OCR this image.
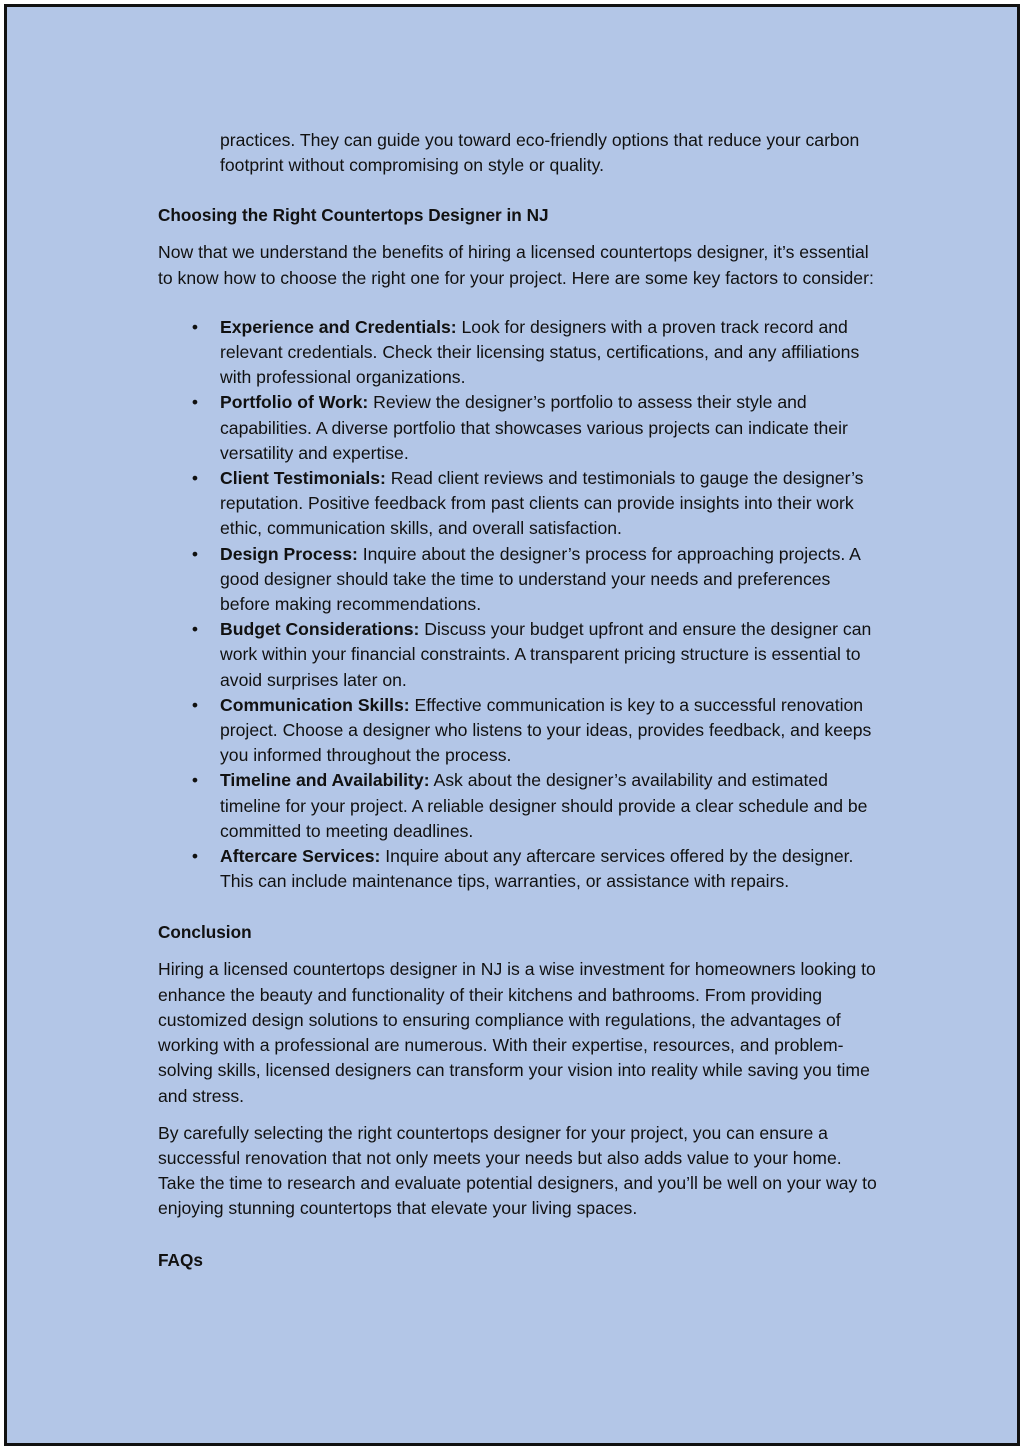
practices. They can guide you toward eco-friendly options that reduce your carbon footprint without compromising on style or quality.

Choosing the Right Countertops Designer in NJ

Now that we understand the benefits of hiring a licensed countertops designer, it’s essential to know how to choose the right one for your project. Here are some key factors to consider:

• Experience and Credentials: Look for designers with a proven track record and relevant credentials. Check their licensing status, certifications, and any affiliations with professional organizations.
• Portfolio of Work: Review the designer’s portfolio to assess their style and capabilities. A diverse portfolio that showcases various projects can indicate their versatility and expertise.
• Client Testimonials: Read client reviews and testimonials to gauge the designer’s reputation. Positive feedback from past clients can provide insights into their work ethic, communication skills, and overall satisfaction.
• Design Process: Inquire about the designer’s process for approaching projects. A good designer should take the time to understand your needs and preferences before making recommendations.
• Budget Considerations: Discuss your budget upfront and ensure the designer can work within your financial constraints. A transparent pricing structure is essential to avoid surprises later on.
• Communication Skills: Effective communication is key to a successful renovation project. Choose a designer who listens to your ideas, provides feedback, and keeps you informed throughout the process.
• Timeline and Availability: Ask about the designer’s availability and estimated timeline for your project. A reliable designer should provide a clear schedule and be committed to meeting deadlines.
• Aftercare Services: Inquire about any aftercare services offered by the designer. This can include maintenance tips, warranties, or assistance with repairs.
Conclusion

Hiring a licensed countertops designer in NJ is a wise investment for homeowners looking to enhance the beauty and functionality of their kitchens and bathrooms. From providing customized design solutions to ensuring compliance with regulations, the advantages of working with a professional are numerous. With their expertise, resources, and problem-solving skills, licensed designers can transform your vision into reality while saving you time and stress.

By carefully selecting the right countertops designer for your project, you can ensure a successful renovation that not only meets your needs but also adds value to your home. Take the time to research and evaluate potential designers, and you’ll be well on your way to enjoying stunning countertops that elevate your living spaces.

FAQs
